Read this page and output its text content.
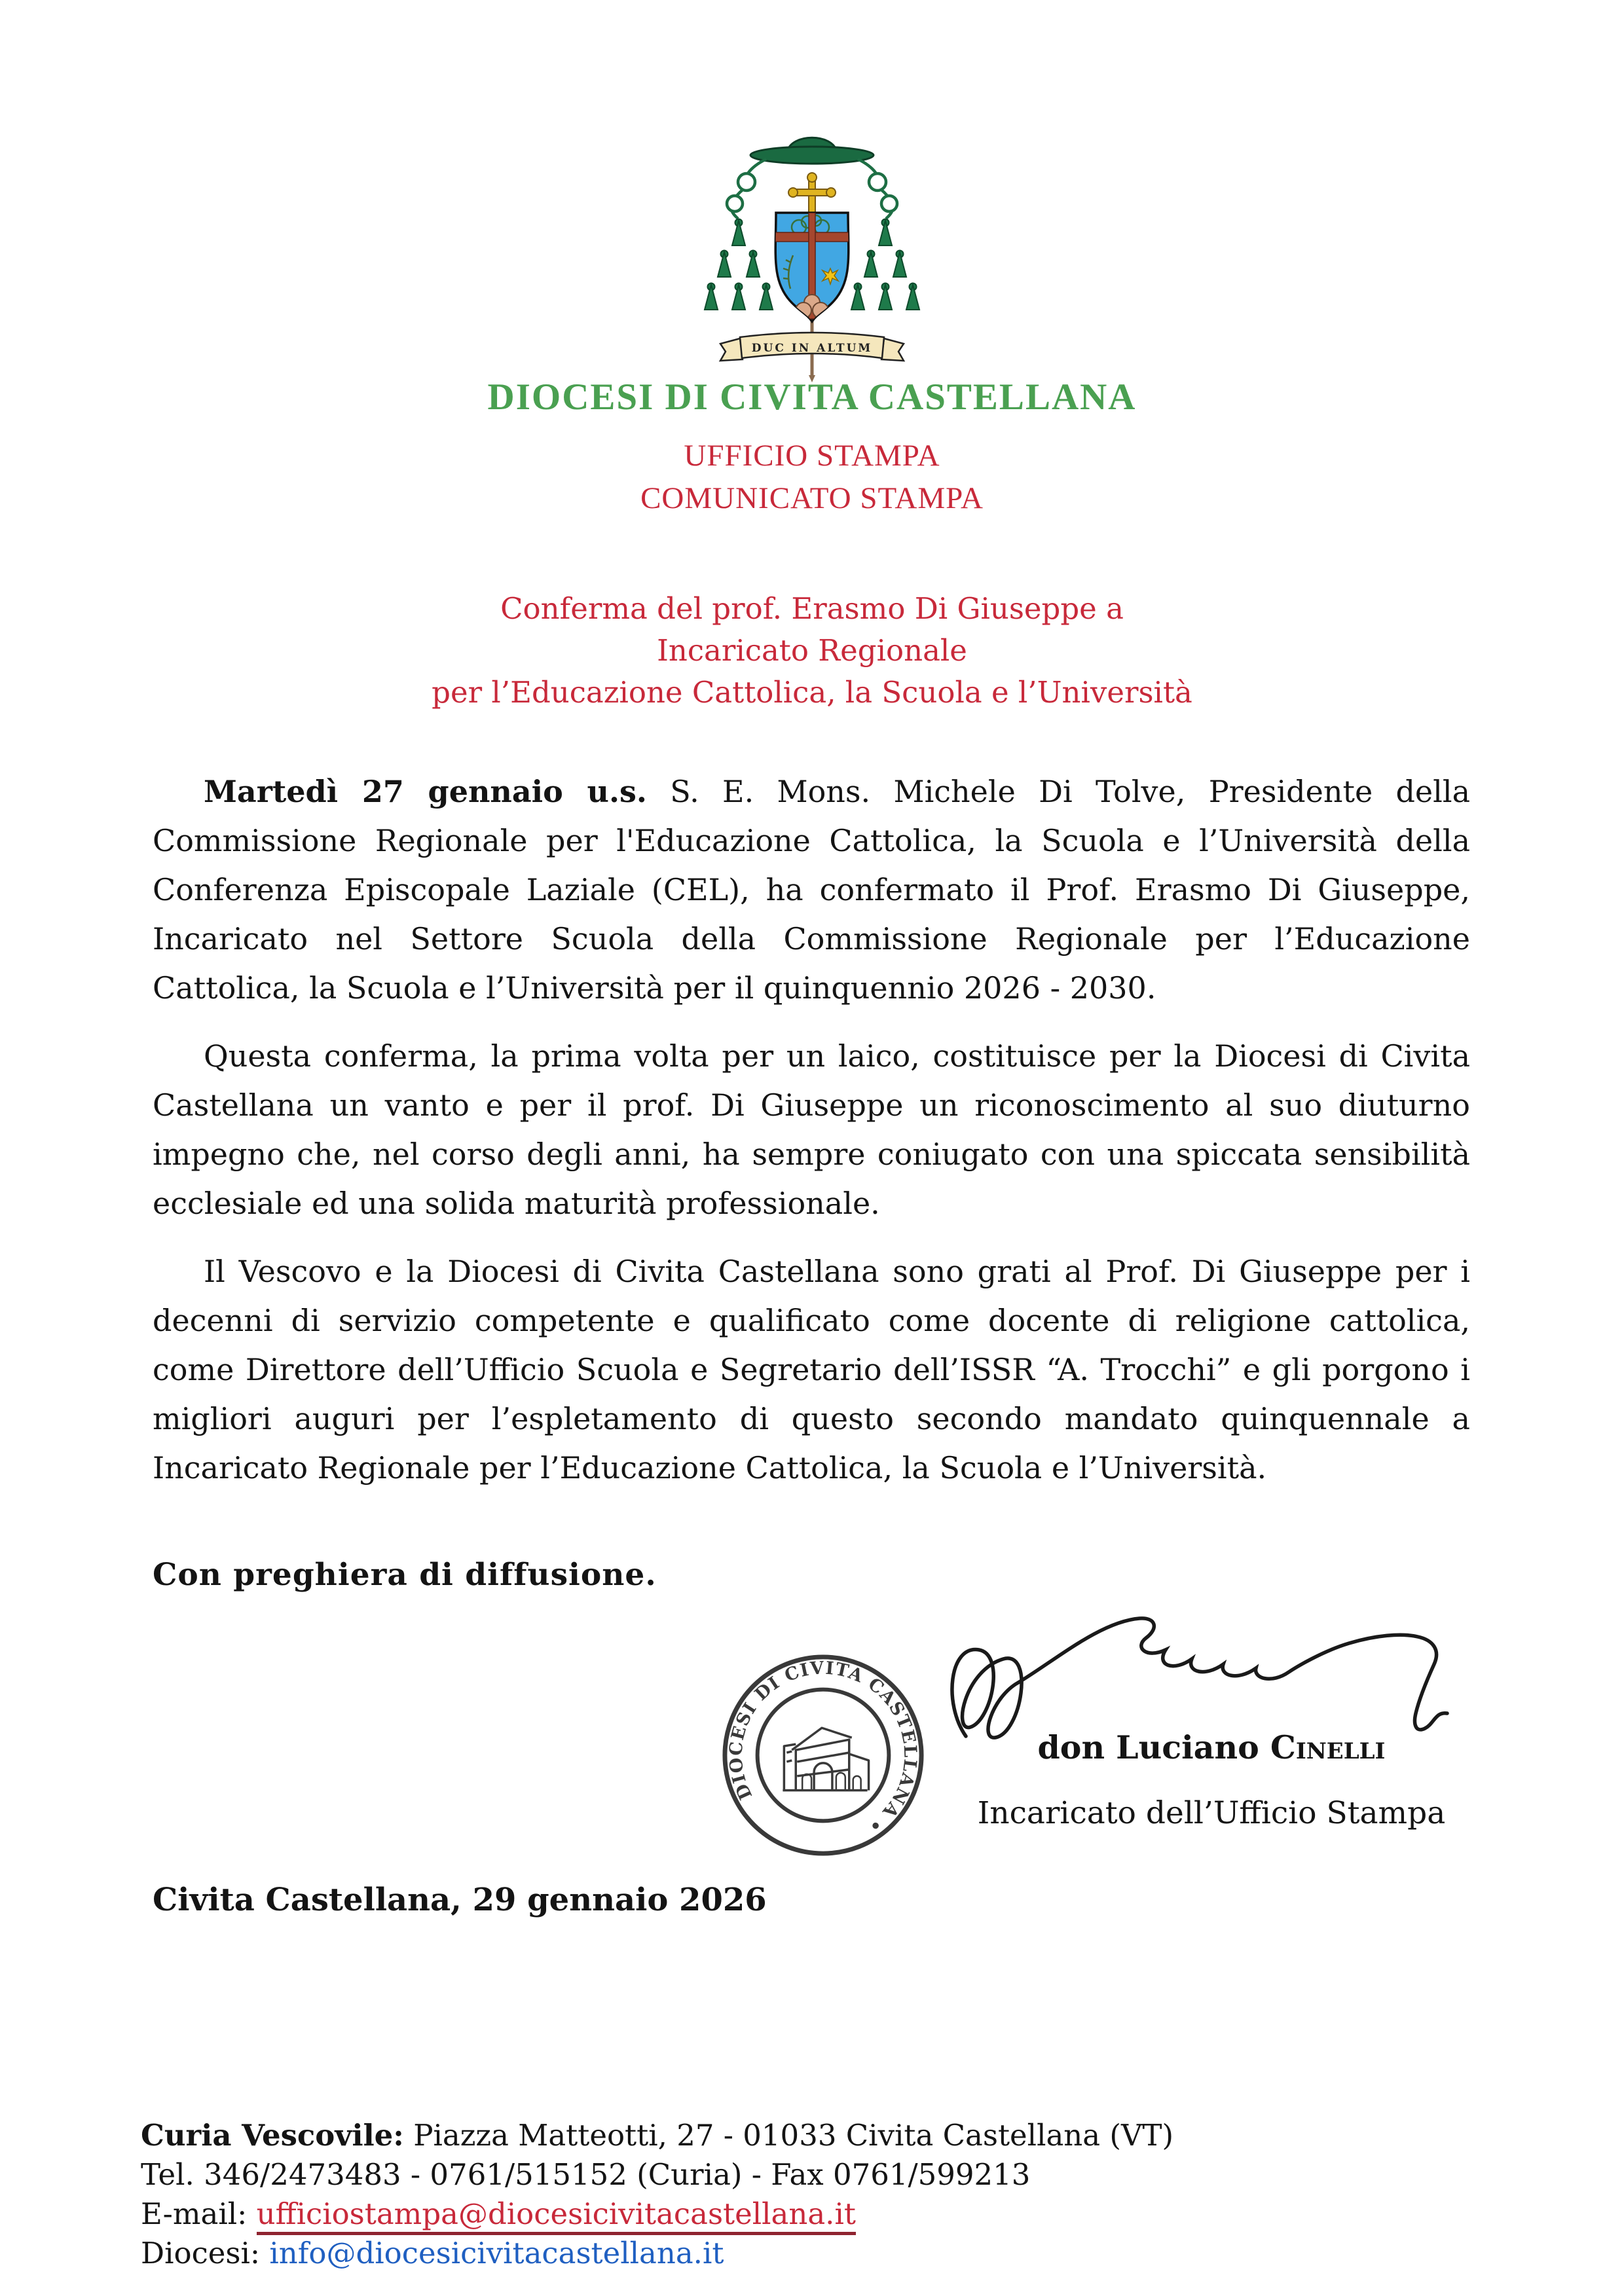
DUC IN ALTUM
DIOCESI DI CIVITA CASTELLANA
UFFICIO STAMPA
COMUNICATO STAMPA
Conferma del prof. Erasmo Di Giuseppe a
Incaricato Regionale
per l’Educazione Cattolica, la Scuola e l’Università

Martedì 27 gennaio u.s. S. E. Mons. Michele Di Tolve, Presidente della Commissione Regionale per l'Educazione Cattolica, la Scuola e l’Università della Conferenza Episcopale Laziale (CEL), ha confermato il Prof. Erasmo Di Giuseppe, Incaricato nel Settore Scuola della Commissione Regionale per l’Educazione Cattolica, la Scuola e l’Università per il quinquennio 2026 - 2030.

Questa conferma, la prima volta per un laico, costituisce per la Diocesi di Civita Castellana un vanto e per il prof. Di Giuseppe un riconoscimento al suo diuturno impegno che, nel corso degli anni, ha sempre coniugato con una spiccata sensibilità ecclesiale ed una solida maturità professionale.

Il Vescovo e la Diocesi di Civita Castellana sono grati al Prof. Di Giuseppe per i decenni di servizio competente e qualificato come docente di religione cattolica, come Direttore dell’Ufficio Scuola e Segretario dell’ISSR “A. Trocchi” e gli porgono i migliori auguri per l’espletamento di questo secondo mandato quinquennale a Incaricato Regionale per l’Educazione Cattolica, la Scuola e l’Università.

Con preghiera di diffusione.
DIOCESI DI CIVITA CASTELLANA •
don Luciano Cinelli
Incaricato dell’Ufficio Stampa
Civita Castellana, 29 gennaio 2026
Curia Vescovile: Piazza Matteotti, 27 - 01033 Civita Castellana (VT)
Tel. 346/2473483 - 0761/515152 (Curia) - Fax 0761/599213
E-mail: ufficiostampa@diocesicivitacastellana.it
Diocesi: info@diocesicivitacastellana.it
